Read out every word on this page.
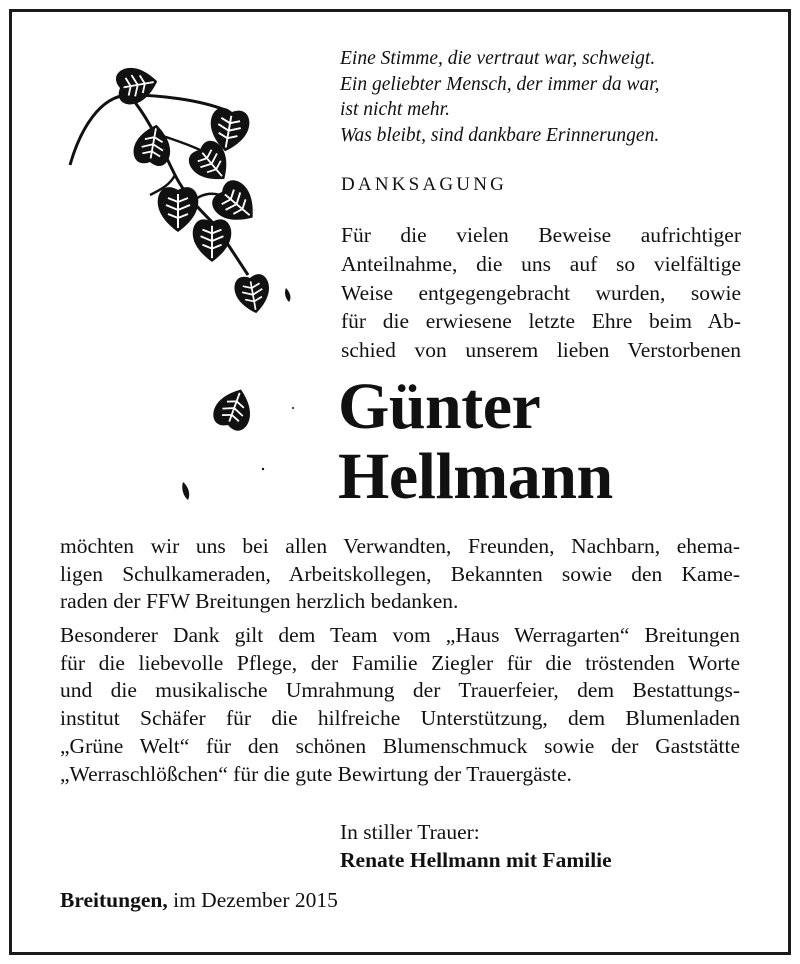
Eine Stimme, die vertraut war, schweigt.
Ein geliebter Mensch, der immer da war,
ist nicht mehr.
Was bleibt, sind dankbare Erinnerungen.
DANKSAGUNG
Für die vielen Beweise aufrichtiger
Anteilnahme, die uns auf so vielfältige
Weise entgegengebracht wurden, sowie
für die erwiesene letzte Ehre beim Ab-
schied von unserem lieben Verstorbenen
Günter
Hellmann
möchten wir uns bei allen Verwandten, Freunden, Nachbarn, ehema-
ligen Schulkameraden, Arbeitskollegen, Bekannten sowie den Kame-
raden der FFW Breitungen herzlich bedanken.
Besonderer Dank gilt dem Team vom „Haus Werragarten“ Breitungen
für die liebevolle Pflege, der Familie Ziegler für die tröstenden Worte
und die musikalische Umrahmung der Trauerfeier, dem Bestattungs-
institut Schäfer für die hilfreiche Unterstützung, dem Blumenladen
„Grüne Welt“ für den schönen Blumenschmuck sowie der Gaststätte
„Werraschlößchen“ für die gute Bewirtung der Trauergäste.
In stiller Trauer:
Renate Hellmann mit Familie
Breitungen, im Dezember 2015
